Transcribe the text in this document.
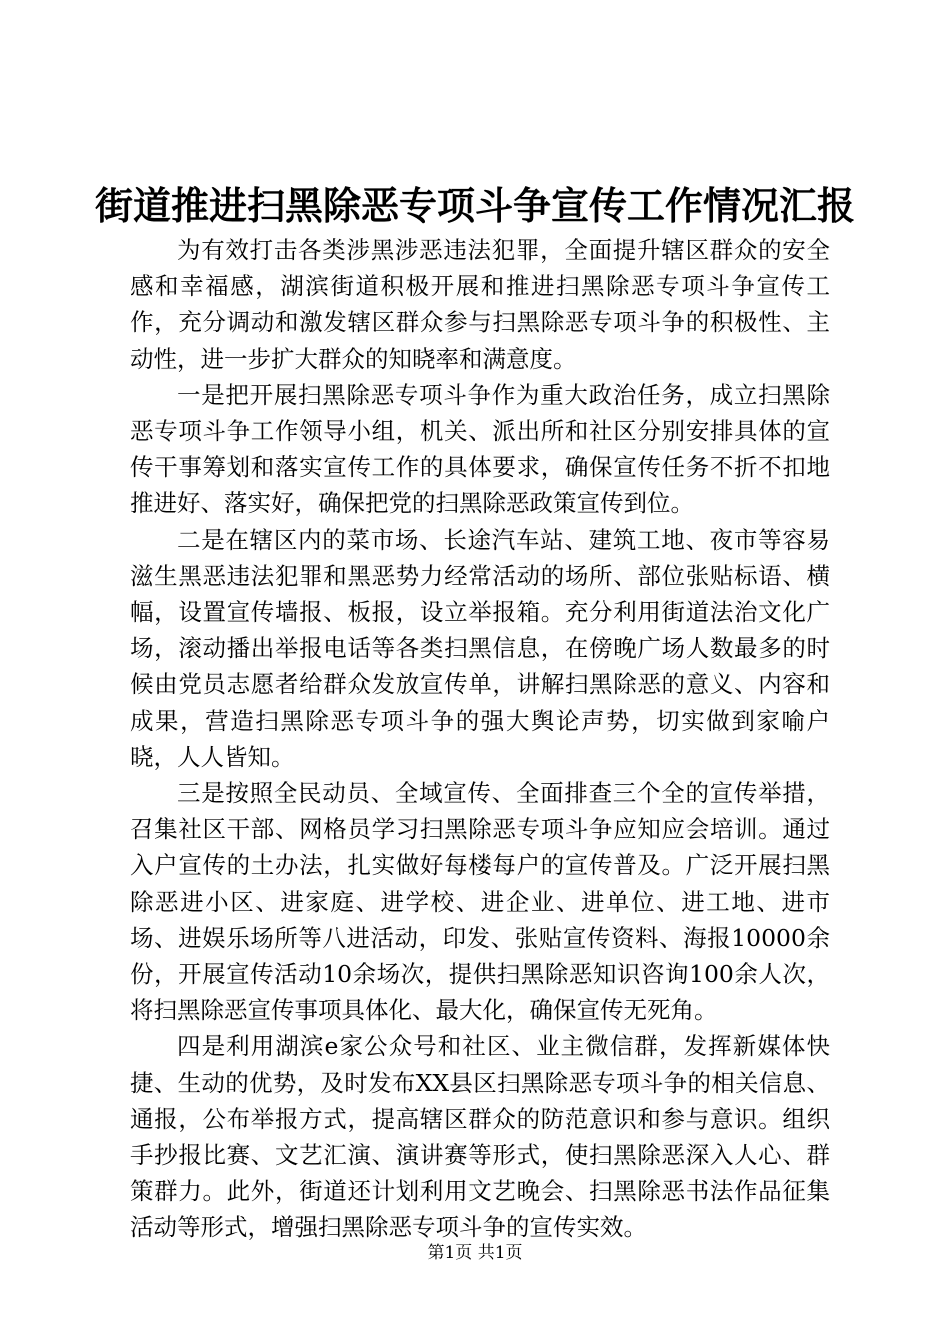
街道推进扫黑除恶专项斗争宣传工作情况汇报

为有效打击各类涉黑涉恶违法犯罪，全面提升辖区群众的安全感和幸福感，湖滨街道积极开展和推进扫黑除恶专项斗争宣传工作，充分调动和激发辖区群众参与扫黑除恶专项斗争的积极性、主动性，进一步扩大群众的知晓率和满意度。

一是把开展扫黑除恶专项斗争作为重大政治任务，成立扫黑除恶专项斗争工作领导小组，机关、派出所和社区分别安排具体的宣传干事筹划和落实宣传工作的具体要求，确保宣传任务不折不扣地推进好、落实好，确保把党的扫黑除恶政策宣传到位。

二是在辖区内的菜市场、长途汽车站、建筑工地、夜市等容易滋生黑恶违法犯罪和黑恶势力经常活动的场所、部位张贴标语、横幅，设置宣传墙报、板报，设立举报箱。充分利用街道法治文化广场，滚动播出举报电话等各类扫黑信息，在傍晚广场人数最多的时候由党员志愿者给群众发放宣传单，讲解扫黑除恶的意义、内容和成果，营造扫黑除恶专项斗争的强大舆论声势，切实做到家喻户晓，人人皆知。

三是按照全民动员、全域宣传、全面排查三个全的宣传举措，召集社区干部、网格员学习扫黑除恶专项斗争应知应会培训。通过入户宣传的土办法，扎实做好每楼每户的宣传普及。广泛开展扫黑除恶进小区、进家庭、进学校、进企业、进单位、进工地、进市场、进娱乐场所等八进活动，印发、张贴宣传资料、海报10000余份，开展宣传活动10余场次，提供扫黑除恶知识咨询100余人次，将扫黑除恶宣传事项具体化、最大化，确保宣传无死角。

四是利用湖滨e家公众号和社区、业主微信群，发挥新媒体快捷、生动的优势，及时发布XX县区扫黑除恶专项斗争的相关信息、通报，公布举报方式，提高辖区群众的防范意识和参与意识。组织手抄报比赛、文艺汇演、演讲赛等形式，使扫黑除恶深入人心、群策群力。此外，街道还计划利用文艺晚会、扫黑除恶书法作品征集活动等形式，增强扫黑除恶专项斗争的宣传实效。

第1页 共1页
